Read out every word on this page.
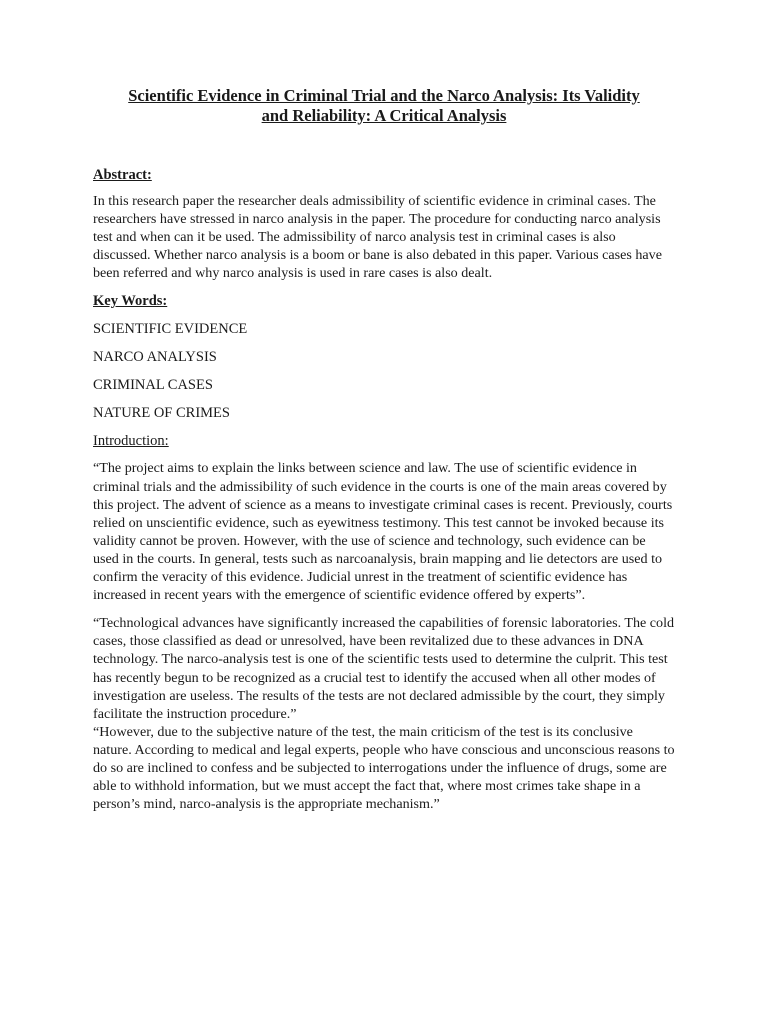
Scientific Evidence in Criminal Trial and the Narco Analysis: Its Validity
and Reliability: A Critical Analysis

Abstract:

In this research paper the researcher deals admissibility of scientific evidence in criminal cases. The researchers have stressed in narco analysis in the paper. The procedure for conducting narco analysis test and when can it be used. The admissibility of narco analysis test in criminal cases is also discussed. Whether narco analysis is a boom or bane is also debated in this paper. Various cases have been referred and why narco analysis is used in rare cases is also dealt.

Key Words:

SCIENTIFIC EVIDENCE

NARCO ANALYSIS

CRIMINAL CASES

NATURE OF CRIMES

Introduction:

“The project aims to explain the links between science and law. The use of scientific evidence in criminal trials and the admissibility of such evidence in the courts is one of the main areas covered by this project. The advent of science as a means to investigate criminal cases is recent. Previously, courts relied on unscientific evidence, such as eyewitness testimony. This test cannot be invoked because its validity cannot be proven. However, with the use of science and technology, such evidence can be used in the courts. In general, tests such as narcoanalysis, brain mapping and lie detectors are used to confirm the veracity of this evidence. Judicial unrest in the treatment of scientific evidence has increased in recent years with the emergence of scientific evidence offered by experts”.

“Technological advances have significantly increased the capabilities of forensic laboratories. The cold cases, those classified as dead or unresolved, have been revitalized due to these advances in DNA technology. The narco-analysis test is one of the scientific tests used to determine the culprit. This test has recently begun to be recognized as a crucial test to identify the accused when all other modes of investigation are useless. The results of the tests are not declared admissible by the court, they simply facilitate the instruction procedure.”

“However, due to the subjective nature of the test, the main criticism of the test is its conclusive nature. According to medical and legal experts, people who have conscious and unconscious reasons to do so are inclined to confess and be subjected to interrogations under the influence of drugs, some are able to withhold information, but we must accept the fact that, where most crimes take shape in a person’s mind, narco-analysis is the appropriate mechanism.”
